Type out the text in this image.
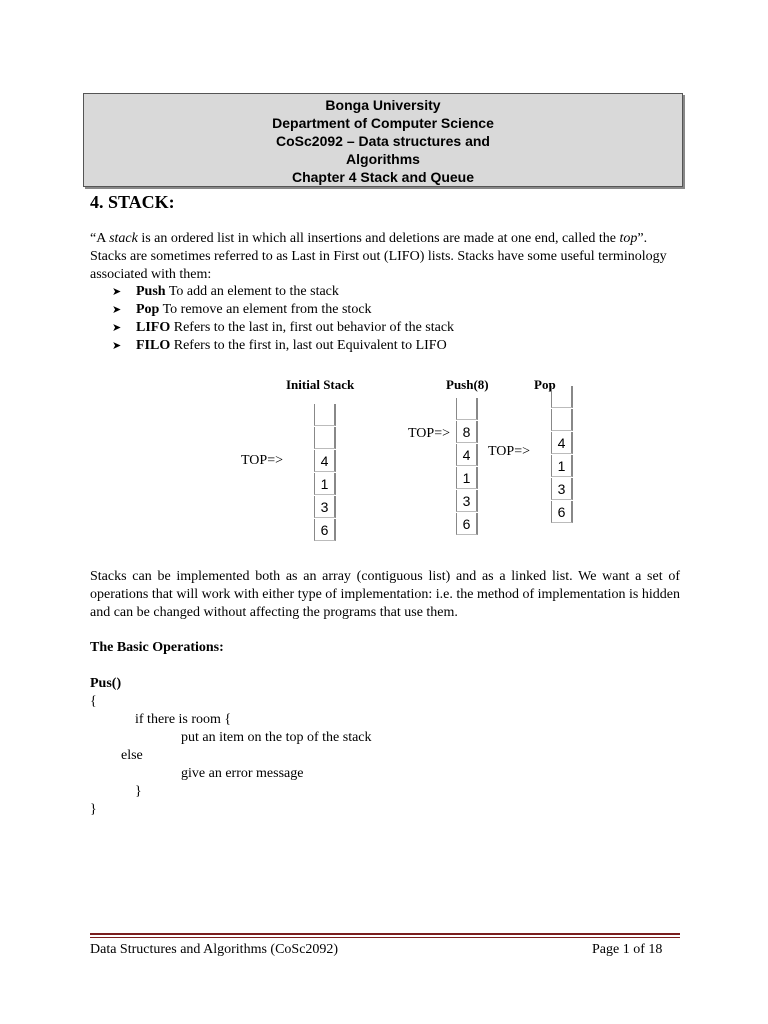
Bonga University
Department of Computer Science
CoSc2092 – Data structures and
Algorithms
Chapter 4 Stack and Queue
4. STACK:
“A stack is an ordered list in which all insertions and deletions are made at one end, called the top”. Stacks are sometimes referred to as Last in First out (LIFO) lists. Stacks have some useful terminology associated with them:
➤ Push To add an element to the stack
➤ Pop To remove an element from the stock
➤ LIFO Refers to the last in, first out behavior of the stack
➤ FILO Refers to the first in, last out Equivalent to LIFO
Initial Stack	Push(8)	Pop
TOP=>
TOP=>
TOP=>
4
1
3
6
8
4
1
3
6
4
1
3
6
Stacks can be implemented both as an array (contiguous list) and as a linked list. We want a set of operations that will work with either type of implementation: i.e. the method of implementation is hidden and can be changed without affecting the programs that use them.
The Basic Operations:
Pus()
{
if there is room {
put an item on the top of the stack
else
give an error message
}
}
Data Structures and Algorithms (CoSc2092)	Page 1 of 18
